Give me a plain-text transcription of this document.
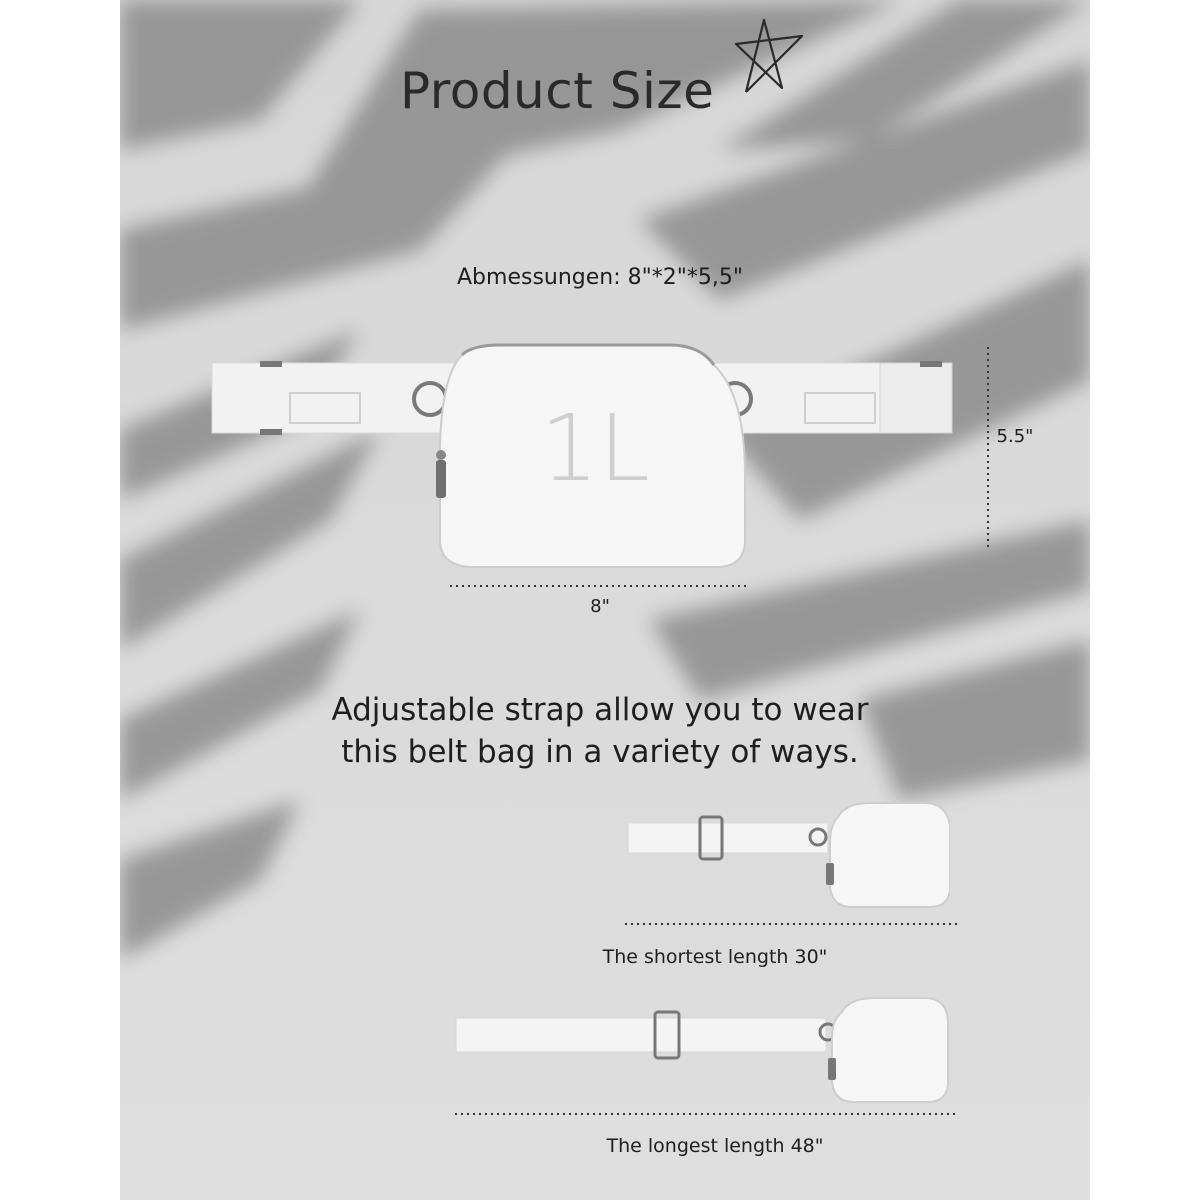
Product Size
Abmessungen: 8"*2"*5,5"
1L
8"
5.5"
Adjustable strap allow you to wear
this belt bag in a variety of ways.
The shortest length 30"
The longest length 48"
